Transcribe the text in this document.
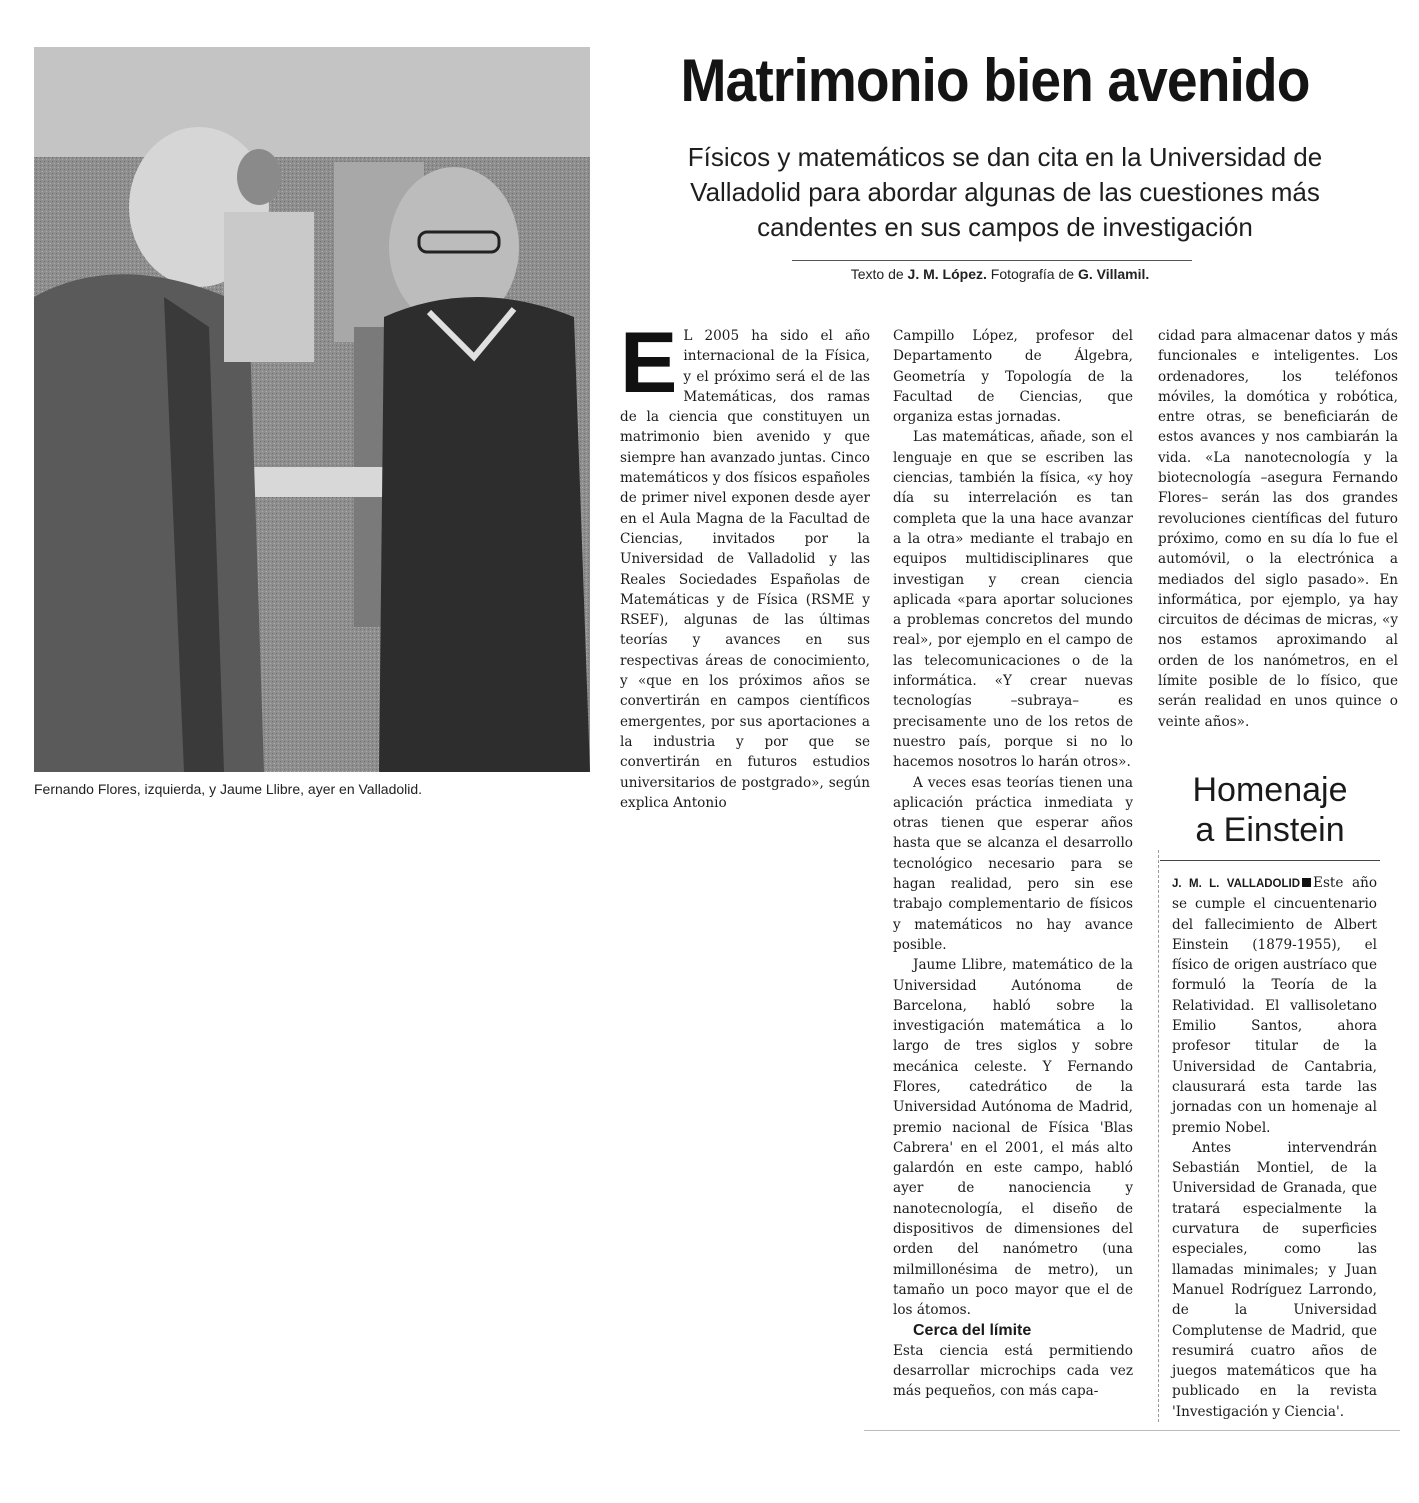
Fernando Flores, izquierda, y Jaume Llibre, ayer en Valladolid.
Matrimonio bien avenido
Físicos y matemáticos se dan cita en la Universidad de Valladolid para abordar algunas de las cuestiones más candentes en sus campos de investigación
Texto de J. M. López. Fotografía de G. Villamil.

E L 2005 ha sido el año internacional de la Física, y el próximo será el de las Matemáticas, dos ramas de la ciencia que constituyen un matrimonio bien avenido y que siempre han avanzado juntas. Cinco matemáticos y dos físicos españoles de primer nivel exponen desde ayer en el Aula Magna de la Facultad de Ciencias, invitados por la Universidad de Valladolid y las Reales Sociedades Españolas de Matemáticas y de Física (RSME y RSEF), algunas de las últimas teorías y avances en sus respectivas áreas de conocimiento, y «que en los próximos años se convertirán en campos científicos emergentes, por sus aportaciones a la industria y por que se convertirán en futuros estudios universitarios de postgrado», según explica Antonio

Campillo López, profesor del Departamento de Álgebra, Geometría y Topología de la Facultad de Ciencias, que organiza estas jornadas.

Las matemáticas, añade, son el lenguaje en que se escriben las ciencias, también la física, «y hoy día su interrelación es tan completa que la una hace avanzar a la otra» mediante el trabajo en equipos multidisciplinares que investigan y crean ciencia aplicada «para aportar soluciones a problemas concretos del mundo real», por ejemplo en el campo de las telecomunicaciones o de la informática. «Y crear nuevas tecnologías –subraya– es precisamente uno de los retos de nuestro país, porque si no lo hacemos nosotros lo harán otros».

A veces esas teorías tienen una aplicación práctica inmediata y otras tienen que esperar años hasta que se alcanza el desarrollo tecnológico necesario para se hagan realidad, pero sin ese trabajo complementario de físicos y matemáticos no hay avance posible.

Jaume Llibre, matemático de la Universidad Autónoma de Barcelona, habló sobre la investigación matemática a lo largo de tres siglos y sobre mecánica celeste. Y Fernando Flores, catedrático de la Universidad Autónoma de Madrid, premio nacional de Física 'Blas Cabrera' en el 2001, el más alto galardón en este campo, habló ayer de nanociencia y nanotecnología, el diseño de dispositivos de dimensiones del orden del nanómetro (una milmillonésima de metro), un tamaño un poco mayor que el de los átomos.

Cerca del límite

Esta ciencia está permitiendo desarrollar microchips cada vez más pequeños, con más capa-

cidad para almacenar datos y más funcionales e inteligentes. Los ordenadores, los teléfonos móviles, la domótica y robótica, entre otras, se beneficiarán de estos avances y nos cambiarán la vida. «La nanotecnología y la biotecnología –asegura Fernando Flores– serán las dos grandes revoluciones científicas del futuro próximo, como en su día lo fue el automóvil, o la electrónica a mediados del siglo pasado». En informática, por ejemplo, ya hay circuitos de décimas de micras, «y nos estamos aproximando al orden de los nanómetros, en el límite posible de lo físico, que serán realidad en unos quince o veinte años».

Homenaje
a Einstein

J. M. L. VALLADOLID Este año se cumple el cincuentenario del fallecimiento de Albert Einstein (1879-1955), el físico de origen austríaco que formuló la Teoría de la Relatividad. El vallisoletano Emilio Santos, ahora profesor titular de la Universidad de Cantabria, clausurará esta tarde las jornadas con un homenaje al premio Nobel.

Antes intervendrán Sebastián Montiel, de la Universidad de Granada, que tratará especialmente la curvatura de superficies especiales, como las llamadas minimales; y Juan Manuel Rodríguez Larrondo, de la Universidad Complutense de Madrid, que resumirá cuatro años de juegos matemáticos que ha publicado en la revista 'Investigación y Ciencia'.
